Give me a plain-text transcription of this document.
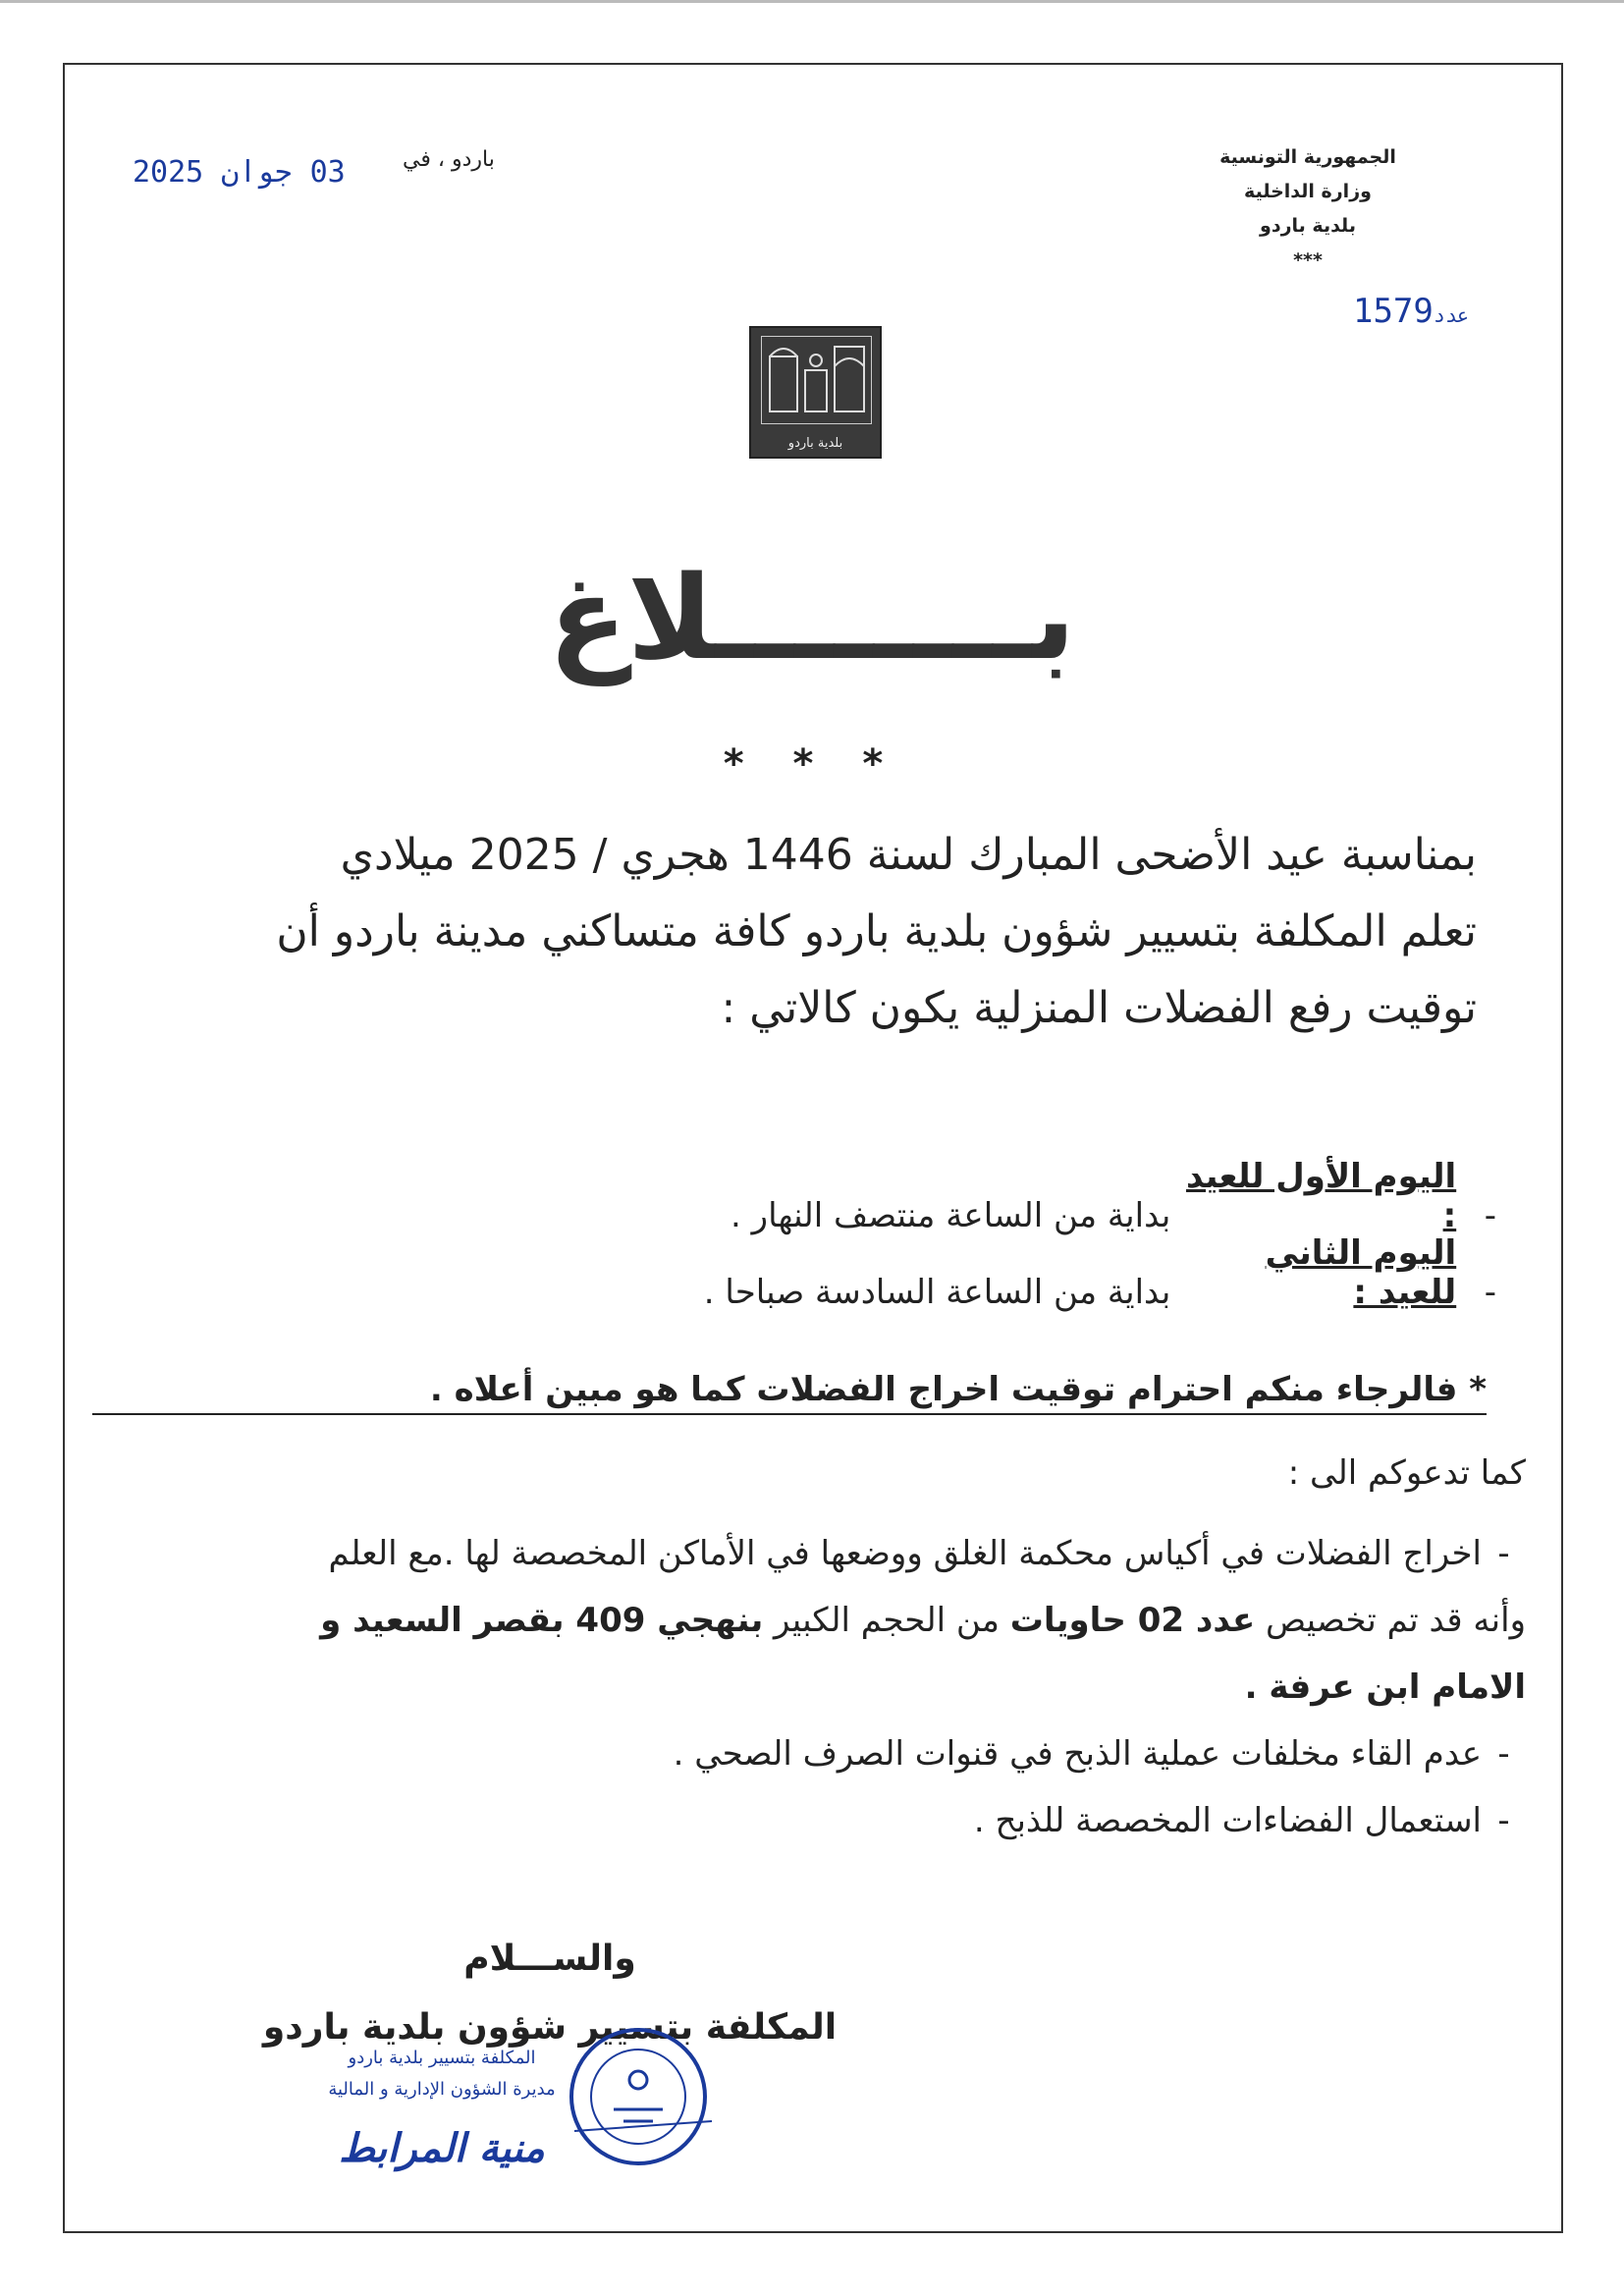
الجمهورية التونسية
وزارة الداخلية
بلدية باردو
***
عدد1579
باردو ، في
03 جوان 2025
بلدية باردو
بــــــــلاغ
* * *

بمناسبة عيد الأضحى المبارك لسنة 1446 هجري / 2025 ميلادي

تعلم المكلفة بتسيير شؤون بلدية باردو كافة متساكني مدينة باردو أن

توقيت رفع الفضلات المنزلية يكون كالاتي :

- اليوم الأول للعيد : بداية من الساعة منتصف النهار .
- اليوم الثاني للعيد : بداية من الساعة السادسة صباحا .
* فالرجاء منكم احترام توقيت اخراج الفضلات كما هو مبين أعلاه .
كما تدعوكم الى :
-
اخراج الفضلات في أكياس محكمة الغلق ووضعها في الأماكن المخصصة لها .مع العلم
وأنه قد تم تخصيص عدد 02 حاويات من الحجم الكبير بنهجي 409 بقصر السعيد و
الامام ابن عرفة .
-
عدم القاء مخلفات عملية الذبح في قنوات الصرف الصحي .
-
استعمال الفضاءات المخصصة للذبح .
والســـلام
المكلفة بتسيير شؤون بلدية باردو
المكلفة بتسيير بلدية باردو
مديرة الشؤون الإدارية و المالية
منية المرابط
